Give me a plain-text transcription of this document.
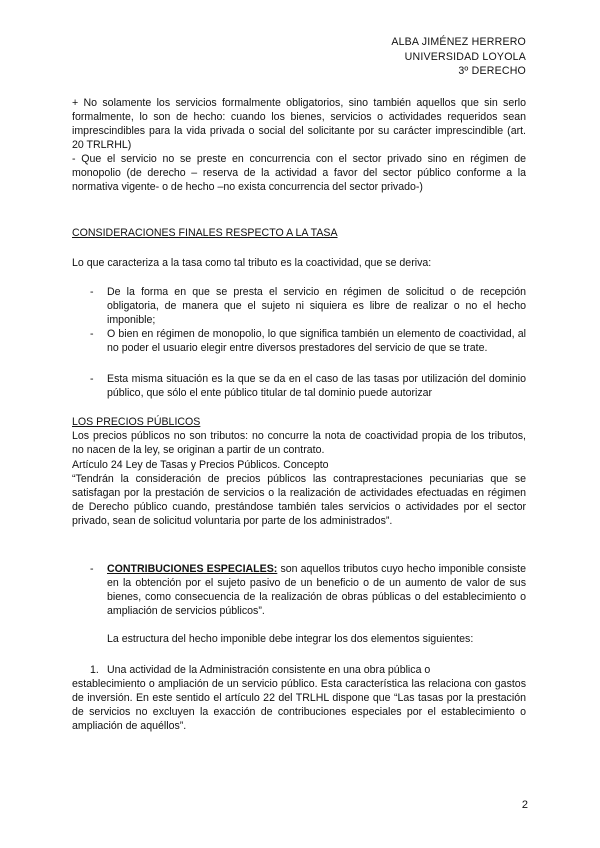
ALBA JIMÉNEZ HERRERO
UNIVERSIDAD LOYOLA
3º DERECHO
+ No solamente los servicios formalmente obligatorios, sino también aquellos que sin serlo formalmente, lo son de hecho: cuando los bienes, servicios o actividades requeridos sean imprescindibles para la vida privada o social del solicitante por su carácter imprescindible (art. 20 TRLRHL)
- Que el servicio no se preste en concurrencia con el sector privado sino en régimen de monopolio (de derecho – reserva de la actividad a favor del sector público conforme a la normativa vigente- o de hecho –no exista concurrencia del sector privado-)
CONSIDERACIONES FINALES RESPECTO A LA TASA
Lo que caracteriza a la tasa como tal tributo es la coactividad, que se deriva:
- De la forma en que se presta el servicio en régimen de solicitud o de recepción obligatoria, de manera que el sujeto ni siquiera es libre de realizar o no el hecho imponible;
- O bien en régimen de monopolio, lo que significa también un elemento de coactividad, al no poder el usuario elegir entre diversos prestadores del servicio de que se trate.
- Esta misma situación es la que se da en el caso de las tasas por utilización del dominio público, que sólo el ente público titular de tal dominio puede autorizar
LOS PRECIOS PÚBLICOS
Los precios públicos no son tributos: no concurre la nota de coactividad propia de los tributos, no nacen de la ley, se originan a partir de un contrato.
Artículo 24 Ley de Tasas y Precios Públicos. Concepto
“Tendrán la consideración de precios públicos las contraprestaciones pecuniarias que se satisfagan por la prestación de servicios o la realización de actividades efectuadas en régimen de Derecho público cuando, prestándose también tales servicios o actividades por el sector privado, sean de solicitud voluntaria por parte de los administrados”.
- CONTRIBUCIONES ESPECIALES: son aquellos tributos cuyo hecho imponible consiste en la obtención por el sujeto pasivo de un beneficio o de un aumento de valor de sus bienes, como consecuencia de la realización de obras públicas o del establecimiento o ampliación de servicios públicos”.
La estructura del hecho imponible debe integrar los dos elementos siguientes:
1. Una actividad de la Administración consistente en una obra pública o
establecimiento o ampliación de un servicio público. Esta característica las relaciona con gastos de inversión. En este sentido el artículo 22 del TRLHL dispone que “Las tasas por la prestación de servicios no excluyen la exacción de contribuciones especiales por el establecimiento o ampliación de aquéllos”.
2
